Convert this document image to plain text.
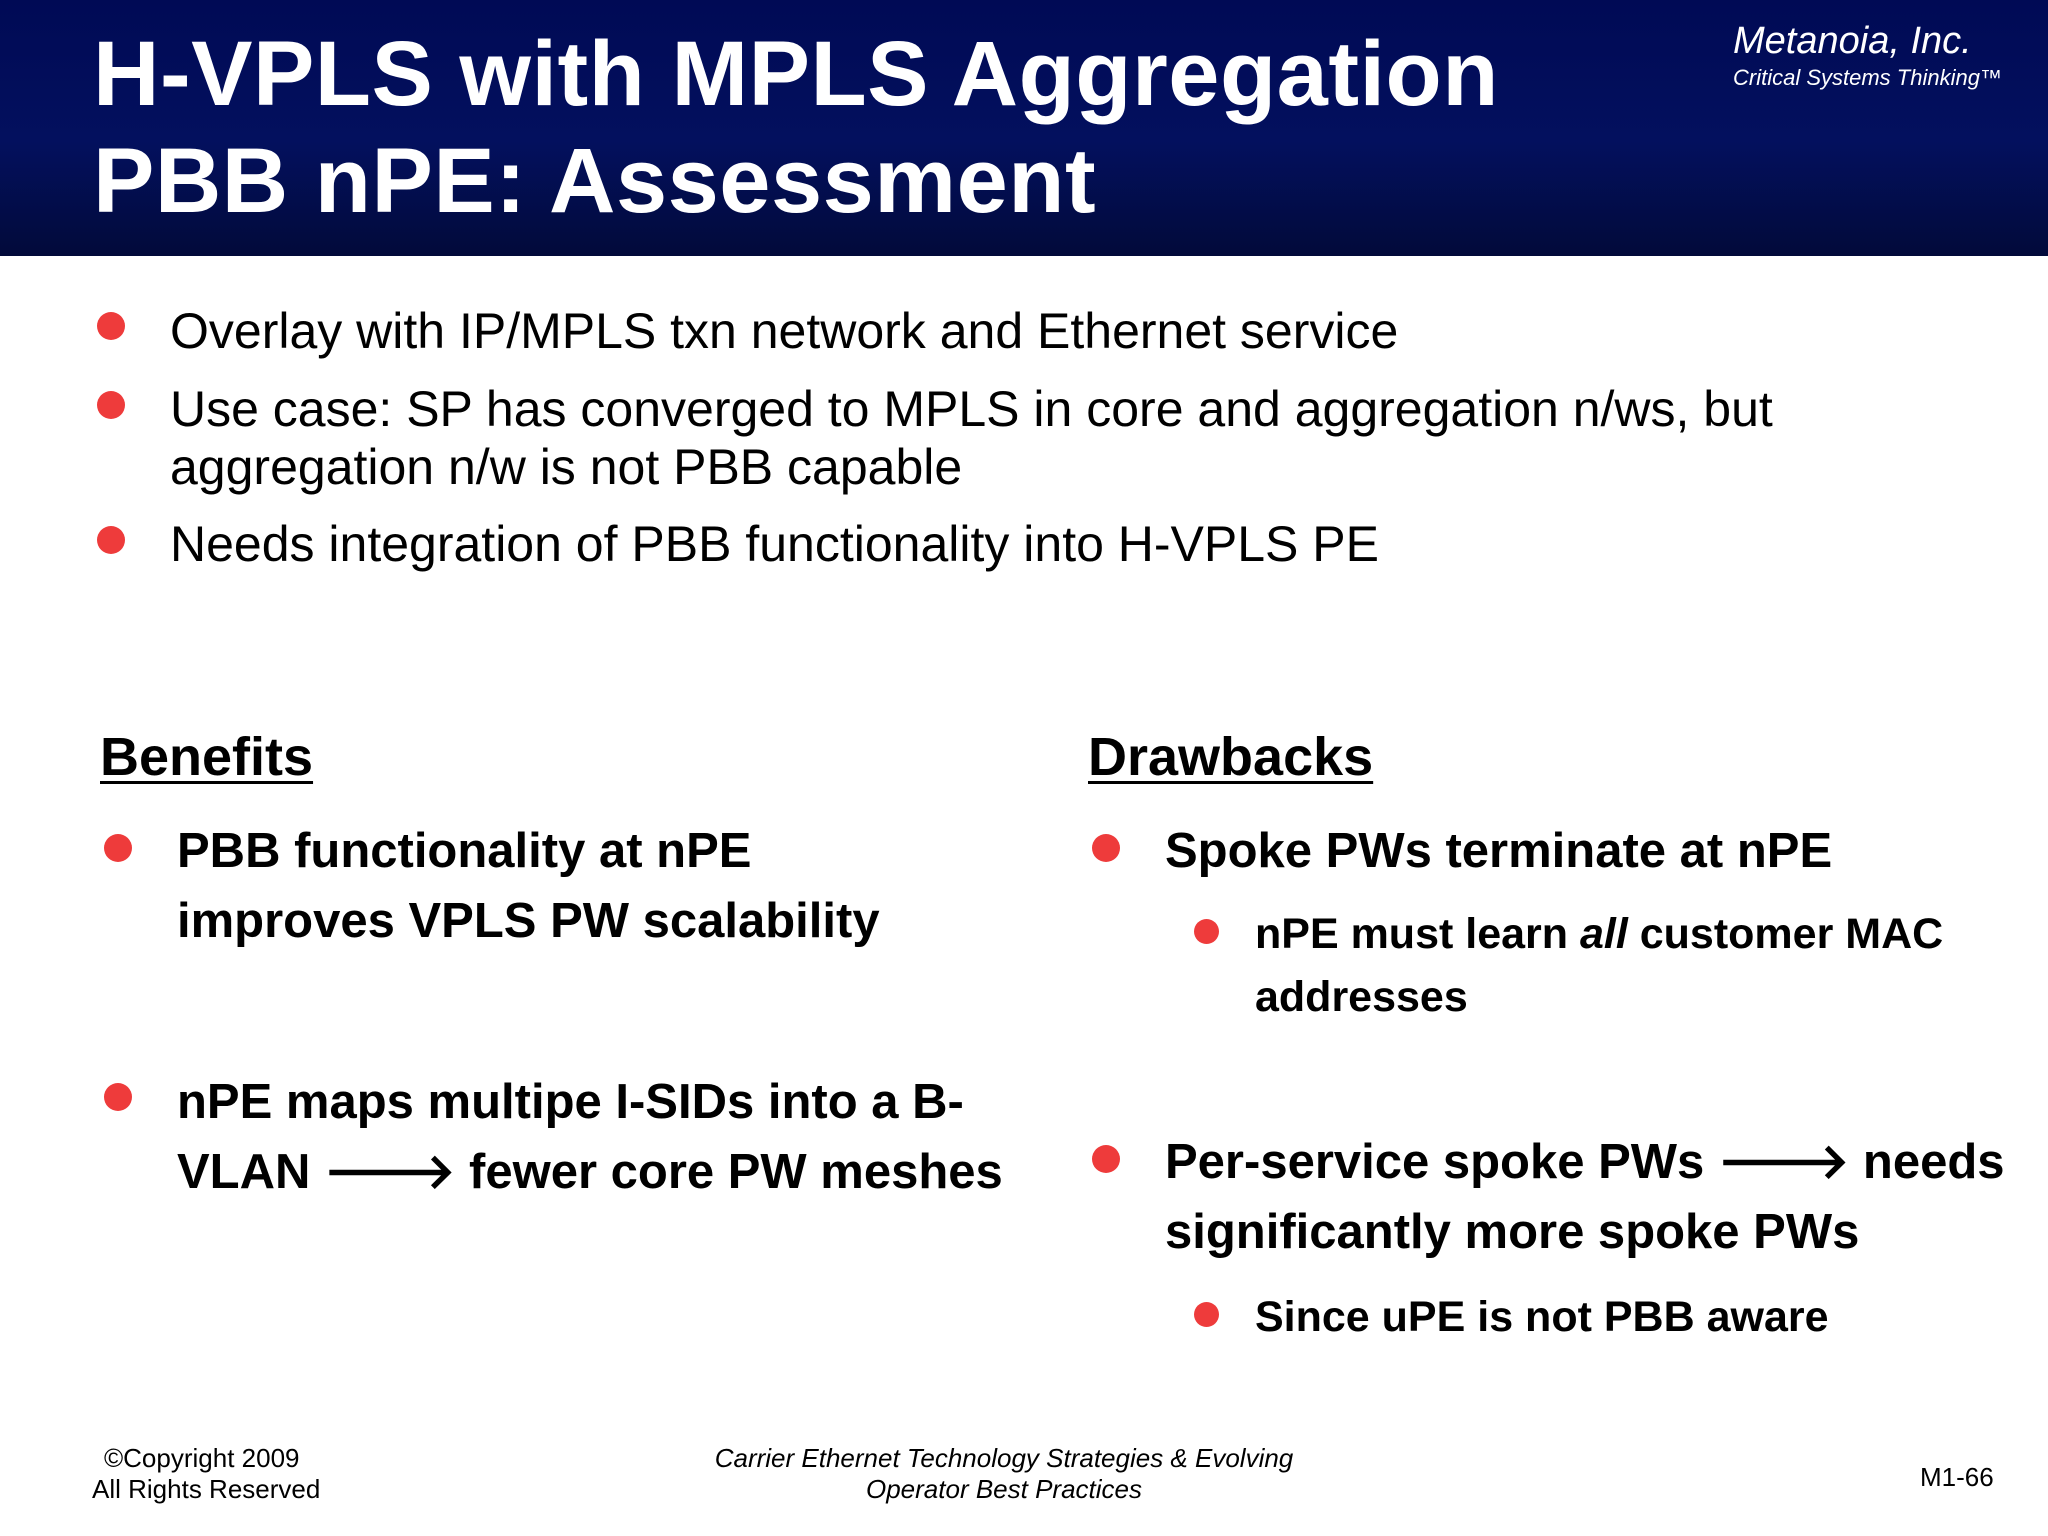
H-VPLS with MPLS Aggregation
PBB nPE: Assessment
Metanoia, Inc.
Critical Systems Thinking™
Overlay with IP/MPLS txn network and Ethernet service
Use case: SP has converged to MPLS in core and aggregation n/ws, but
aggregation n/w is not PBB capable
Needs integration of PBB functionality into H-VPLS PE
Benefits
PBB functionality at nPE
improves VPLS PW scalability
nPE maps multipe I-SIDs into a B-
VLAN 🡒 fewer core PW meshes
Drawbacks
Spoke PWs terminate at nPE
nPE must learn all customer MAC
addresses
Per-service spoke PWs 🡒 needs
significantly more spoke PWs
Since uPE is not PBB aware
©Copyright 2009
All Rights Reserved
Carrier Ethernet Technology Strategies & Evolving
Operator Best Practices	M1-66
